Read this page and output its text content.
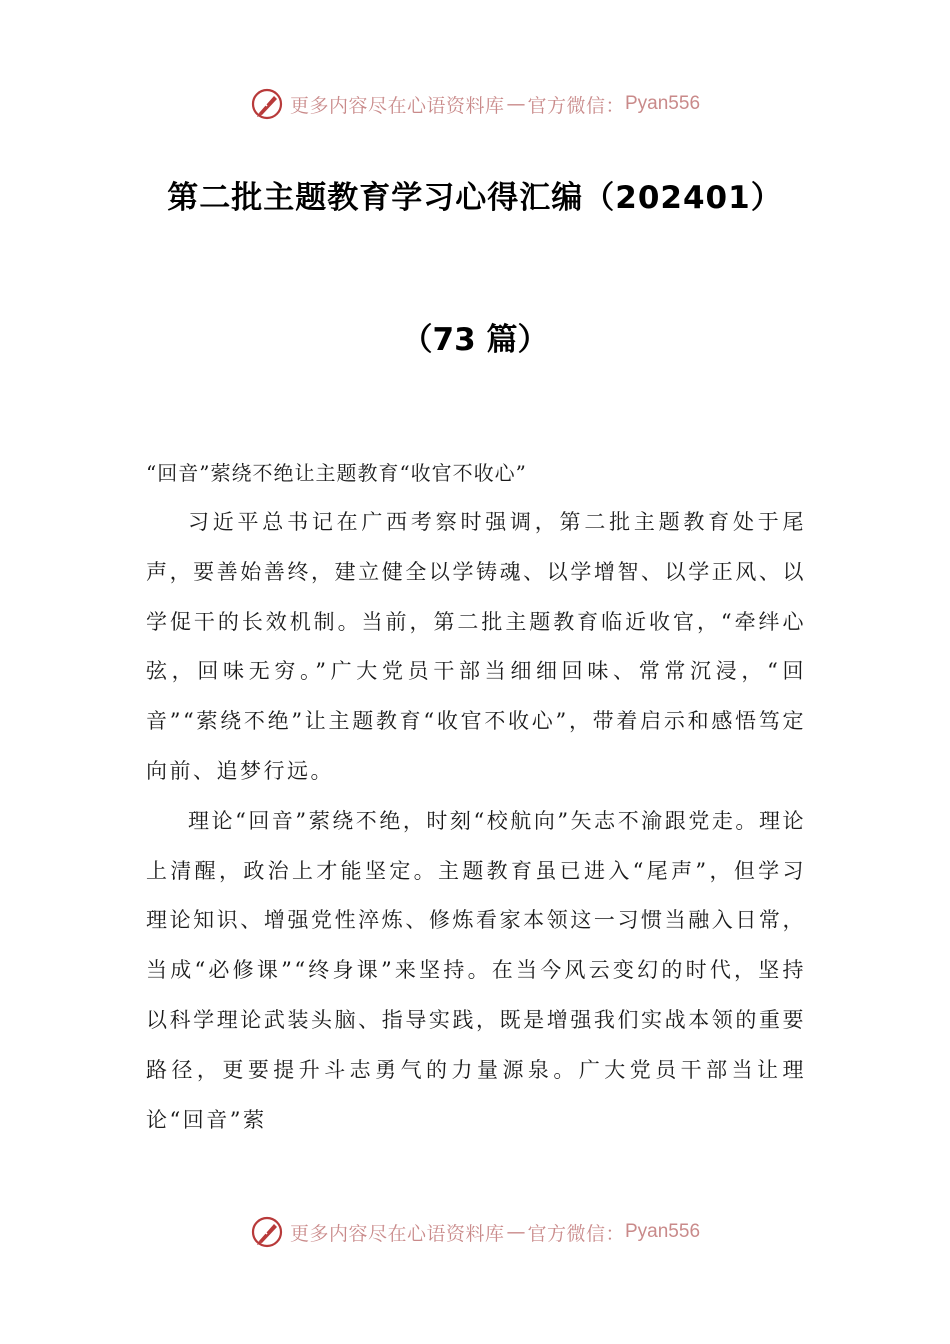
更多内容尽在心语资料库 — 官方微信： Pyan556
第二批主题教育学习心得汇编（202401）
（73 篇）
“回音”萦绕不绝让主题教育“收官不收心”

习近平总书记在广西考察时强调，第二批主题教育处于尾声，要善始善终，建立健全以学铸魂、以学增智、以学正风、以学促干的长效机制。当前，第二批主题教育临近收官，“牵绊心弦，回味无穷。”广大党员干部当细细回味、常常沉浸，“回音”“萦绕不绝”让主题教育“收官不收心”，带着启示和感悟笃定向前、追梦行远。

理论“回音”萦绕不绝，时刻“校航向”矢志不渝跟党走。理论上清醒，政治上才能坚定。主题教育虽已进入“尾声”，但学习理论知识、增强党性淬炼、修炼看家本领这一习惯当融入日常，当成“必修课”“终身课”来坚持。在当今风云变幻的时代，坚持以科学理论武装头脑、指导实践，既是增强我们实战本领的重要路径，更要提升斗志勇气的力量源泉。广大党员干部当让理论“回音”萦

更多内容尽在心语资料库 — 官方微信： Pyan556
